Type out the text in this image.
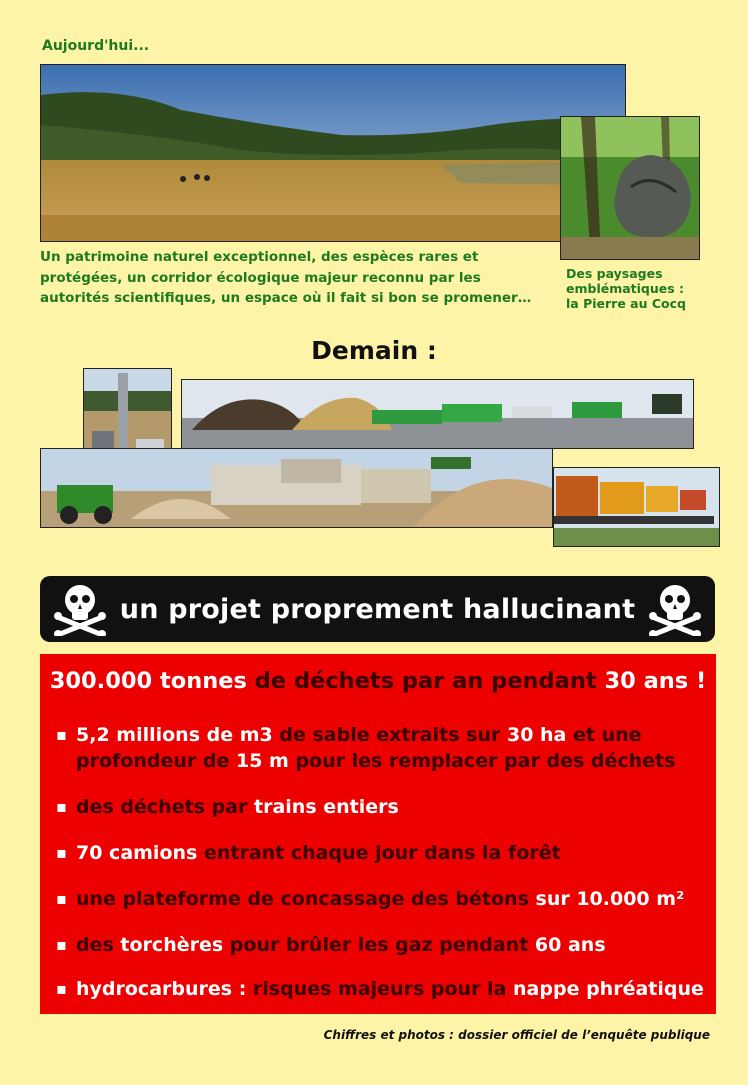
Aujourd'hui...
Un patrimoine naturel exceptionnel, des espèces rares et
protégées, un corridor écologique majeur reconnu par les
autorités scientifiques, un espace où il fait si bon se promener…
Des paysages
emblématiques :
la Pierre au Cocq
Demain :
un projet proprement hallucinant
300.000 tonnes de déchets par an pendant 30 ans !
▪ 5,2 millions de m3 de sable extraits sur 30 ha et une profondeur de 15 m pour les remplacer par des déchets
▪ des déchets par trains entiers
▪ 70 camions entrant chaque jour dans la forêt
▪ une plateforme de concassage des bétons sur 10.000 m²
▪ des torchères pour brûler les gaz pendant 60 ans
▪ hydrocarbures : risques majeurs pour la nappe phréatique
Chiffres et photos : dossier officiel de l’enquête publique
